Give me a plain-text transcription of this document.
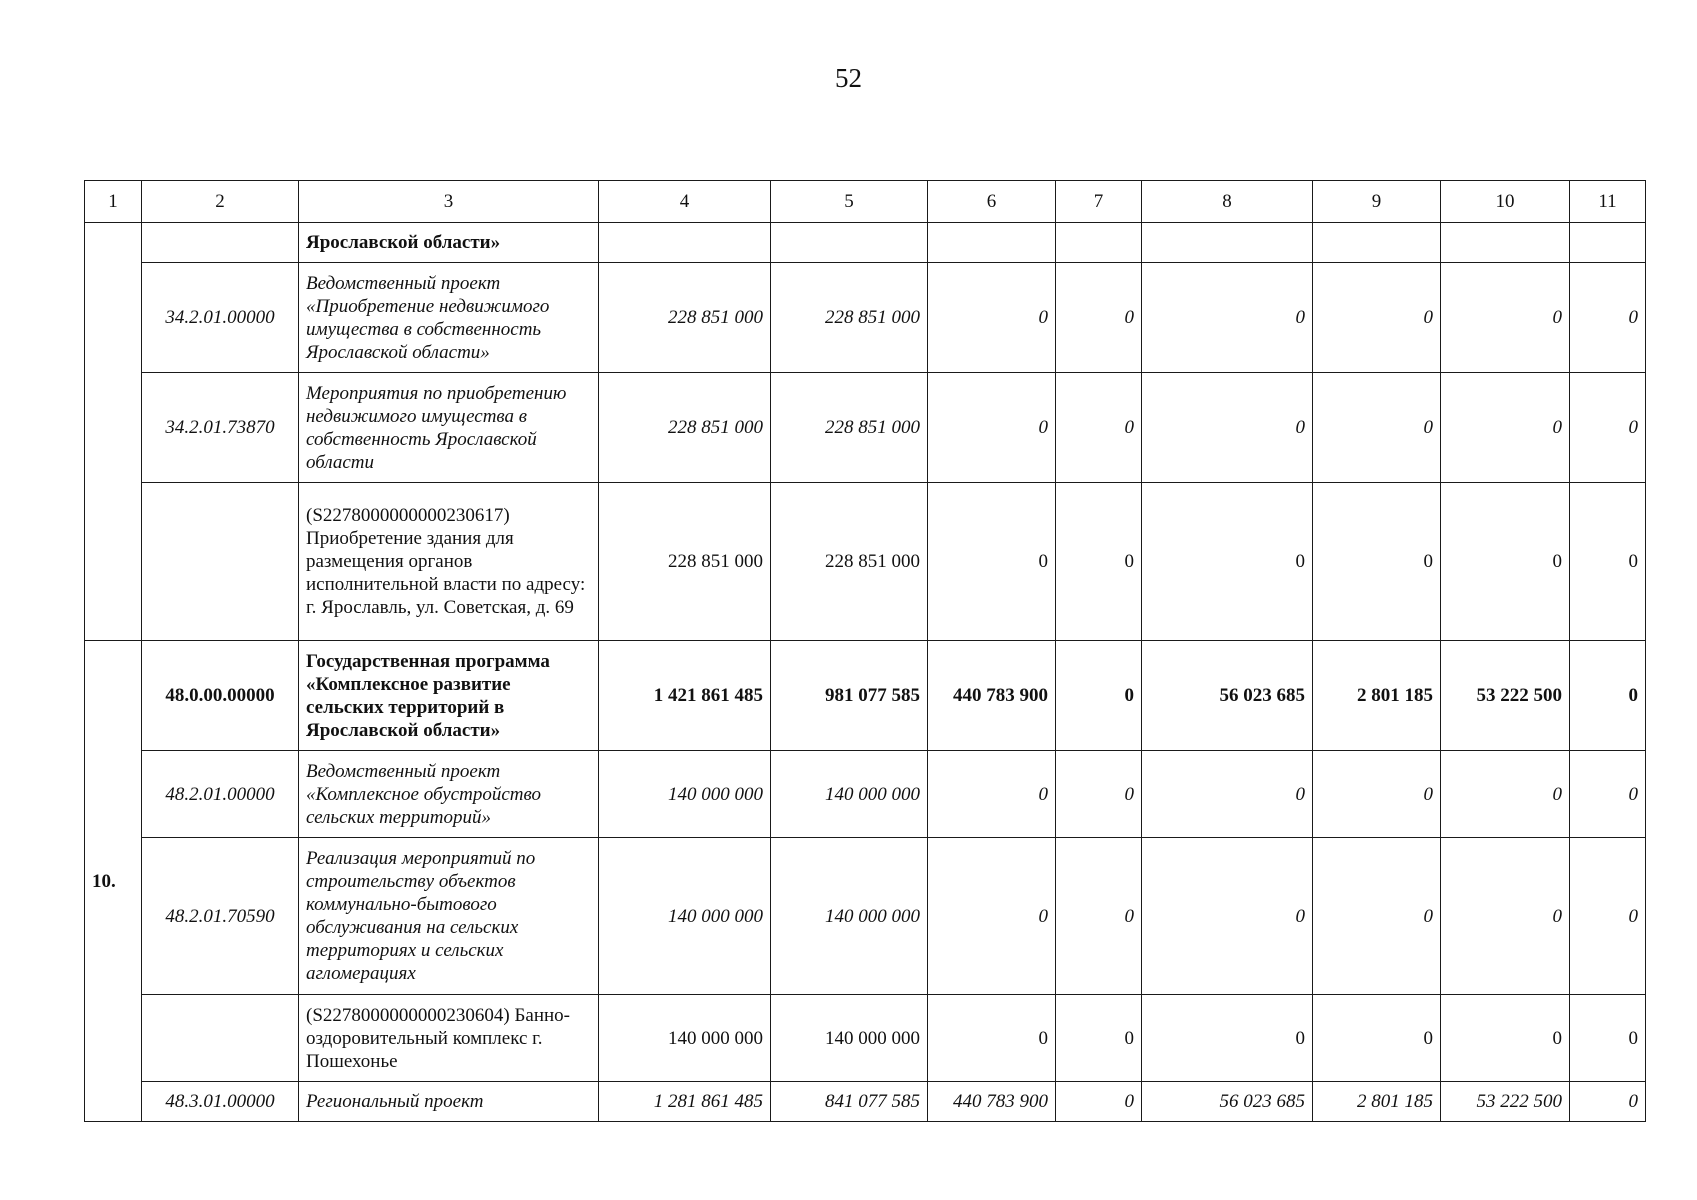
52
1	2	3	4	5	6	7	8	9	10	11
		Ярославской области»								
	34.2.01.00000	Ведомственный проект «Приобретение недвижимого имущества в собственность Ярославской области»	228 851 000	228 851 000	0	0	0	0	0	0
	34.2.01.73870	Мероприятия по приобретению недвижимого имущества в собственность Ярославской области	228 851 000	228 851 000	0	0	0	0	0	0
		(S2278000000000230617) Приобретение здания для размещения органов исполнительной власти по адресу: г. Ярославль, ул. Советская, д. 69	228 851 000	228 851 000	0	0	0	0	0	0
10.	48.0.00.00000	Государственная программа «Комплексное развитие сельских территорий в Ярославской области»	1 421 861 485	981 077 585	440 783 900	0	56 023 685	2 801 185	53 222 500	0
	48.2.01.00000	Ведомственный проект «Комплексное обустройство сельских территорий»	140 000 000	140 000 000	0	0	0	0	0	0
	48.2.01.70590	Реализация мероприятий по строительству объектов коммунально-бытового обслуживания на сельских территориях и сельских агломерациях	140 000 000	140 000 000	0	0	0	0	0	0
		(S2278000000000230604) Банно-оздоровительный комплекс г. Пошехонье	140 000 000	140 000 000	0	0	0	0	0	0
	48.3.01.00000	Региональный проект	1 281 861 485	841 077 585	440 783 900	0	56 023 685	2 801 185	53 222 500	0
